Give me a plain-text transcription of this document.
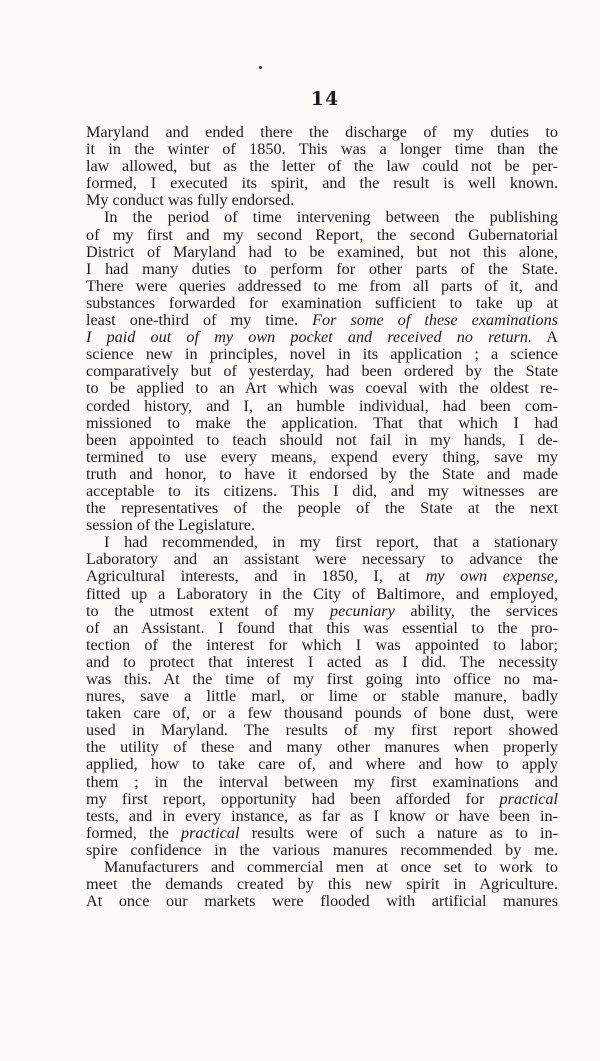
14
Maryland and ended there the discharge of my duties to
it in the winter of 1850. This was a longer time than the
law allowed, but as the letter of the law could not be per-
formed, I executed its spirit, and the result is well known.
My conduct was fully endorsed.
In the period of time intervening between the publishing
of my first and my second Report, the second Gubernatorial
District of Maryland had to be examined, but not this alone,
I had many duties to perform for other parts of the State.
There were queries addressed to me from all parts of it, and
substances forwarded for examination sufficient to take up at
least one-third of my time. For some of these examinations
I paid out of my own pocket and received no return. A
science new in principles, novel in its application ; a science
comparatively but of yesterday, had been ordered by the State
to be applied to an Art which was coeval with the oldest re-
corded history, and I, an humble individual, had been com-
missioned to make the application. That that which I had
been appointed to teach should not fail in my hands, I de-
termined to use every means, expend every thing, save my
truth and honor, to have it endorsed by the State and made
acceptable to its citizens. This I did, and my witnesses are
the representatives of the people of the State at the next
session of the Legislature.
I had recommended, in my first report, that a stationary
Laboratory and an assistant were necessary to advance the
Agricultural interests, and in 1850, I, at my own expense,
fitted up a Laboratory in the City of Baltimore, and employed,
to the utmost extent of my pecuniary ability, the services
of an Assistant. I found that this was essential to the pro-
tection of the interest for which I was appointed to labor;
and to protect that interest I acted as I did. The necessity
was this. At the time of my first going into office no ma-
nures, save a little marl, or lime or stable manure, badly
taken care of, or a few thousand pounds of bone dust, were
used in Maryland. The results of my first report showed
the utility of these and many other manures when properly
applied, how to take care of, and where and how to apply
them ; in the interval between my first examinations and
my first report, opportunity had been afforded for practical
tests, and in every instance, as far as I know or have been in-
formed, the practical results were of such a nature as to in-
spire confidence in the various manures recommended by me.
Manufacturers and commercial men at once set to work to
meet the demands created by this new spirit in Agriculture.
At once our markets were flooded with artificial manures
